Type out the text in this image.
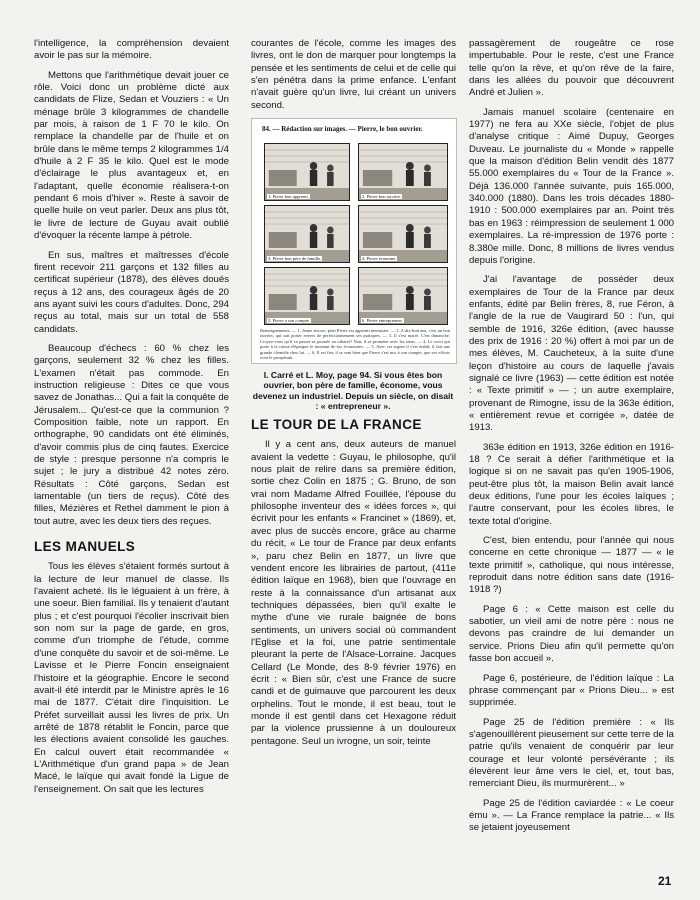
l'intelligence, la compréhension devaient avoir le pas sur la mémoire.

Mettons que l'arithmétique devait jouer ce rôle. Voici donc un problème dicté aux candidats de Flize, Sedan et Vouziers : « Un ménage brûle 3 kilogrammes de chandelle par mois, à raison de 1 F 70 le kilo. On remplace la chandelle par de l'huile et on brûle dans le même temps 2 kilogrammes 1/4 d'huile à 2 F 35 le kilo. Quel est le mode d'éclairage le plus avantageux et, en l'adaptant, quelle économie réalisera-t-on pendant 6 mois d'hiver ». Reste à savoir de quelle huile on veut parler. Deux ans plus tôt, le livre de lecture de Guyau avait oublié d'évoquer la récente lampe à pétrole.

En sus, maîtres et maîtresses d'école firent recevoir 211 garçons et 132 filles au certificat supérieur (1878), des élèves doués reçus à 12 ans, des courageux âgés de 20 ans ayant suivi les cours d'adultes. Donc, 294 reçus au total, mais sur un total de 558 candidats.

Beaucoup d'échecs : 60 % chez les garçons, seulement 32 % chez les filles. L'examen n'était pas commode. En instruction religieuse : Dites ce que vous savez de Jonathas... Qui a fait la conquête de Jérusalem... Qu'est-ce que la communion ? Composition faible, note un rapport. En orthographe, 90 candidats ont été éliminés, d'avoir commis plus de cinq fautes. Exercice de style : presque personne n'a compris le sujet ; le jury a distribué 42 notes zéro. Résultats : Côté garçons, Sedan est lamentable (un tiers de reçus). Côté des filles, Mézières et Rethel damment le pion à tout autre, avec les deux tiers des reçues.

LES MANUELS

Tous les élèves s'étaient formés surtout à la lecture de leur manuel de classe. Ils l'avaient acheté. Ils le léguaient à un frère, à une soeur. Bien familial. Ils y tenaient d'autant plus ; et c'est pourquoi l'écolier inscrivait bien son nom sur la page de garde, en gros, comme d'un triomphe de l'étude, comme d'une conquête du savoir et de soi-même. Le Lavisse et le Pierre Foncin enseignaient l'histoire et la géographie. Encore le second avait-il été interdit par le Ministre après le 16 mai de 1877. C'était dire l'inquisition. Le Préfet surveillait aussi les livres de prix. Un arrêté de 1878 rétablit le Foncin, parce que les élections avaient consolidé les gauches. En calcul ouvert était recommandée « L'Arithmétique d'un grand papa » de Jean Macé, le laïque qui avait fondé la Ligue de l'enseignement. On sait que les lectures

courantes de l'école, comme les images des livres, ont le don de marquer pour longtemps la pensée et les sentiments de celui et de celle qui s'en pénétra dans la prime enfance. L'enfant n'avait guère qu'un livre, lui créant un univers second.

84. — Rédaction sur images. — Pierre, le bon ouvrier.
1. Pierre bon apprenti.	2. Pierre bon ouvrier.
3. Pierre bon père de famille.	4. Pierre économe.
5. Pierre a son compte.	6. Pierre entrepreneur.
Renseignements. — 1. Jeune encore, petit Pierre est apprenti menuisier. — 2. A dix-huit ans, c'est un bon ouvrier, qui sait porter envers de perfectionnement ses pratiques. — 3. Il s'est marié. C'est dimanche. Croyez-vous qu'il va passer sa journée au cabaret? Non; il se promène avec les siens. — 4. Le voici qui porte à la caisse d'épargne le montant de ses économies. — 5. Avec cet argent il s'est établi; il fait une grande clientèle chez lui. — 6. Il est fier, il se sent bien que Pierre s'est mis à son compte, que ses efforts vont le prospérant.
I. Carré et L. Moy, page 94. Si vous êtes bon ouvrier, bon père de famille, économe, vous devenez un industriel. Depuis un siècle, on disait : « entrepreneur ».
LE TOUR DE LA FRANCE

Il y a cent ans, deux auteurs de manuel avaient la vedette : Guyau, le philosophe, qu'il nous plait de relire dans sa première édition, sortie chez Colin en 1875 ; G. Bruno, de son vrai nom Madame Alfred Fouillée, l'épouse du philosophe inventeur des « idées forces », qui écrivit pour les enfants « Francinet » (1869), et, avec plus de succès encore, grâce au charme du récit, « Le tour de France par deux enfants », paru chez Belin en 1877, un livre que vendent encore les librairies de partout, (411e édition laïque en 1968), bien que l'ouvrage en reste à la connaissance d'un artisanat aux techniques dépassées, bien qu'il exalte le mythe d'une vie rurale baignée de bons sentiments, un univers social où commandent l'Eglise et la foi, une patrie sentimentale pleurant la perte de l'Alsace-Lorraine. Jacques Cellard (Le Monde, des 8-9 février 1976) en écrit : « Bien sûr, c'est une France de sucre candi et de guimauve que parcourent les deux orphelins. Tout le monde, il est beau, tout le monde il est gentil dans cet Hexagone réduit par la violence prussienne à un douloureux pentagone. Seul un ivrogne, un soir, teinte

passagèrement de rougeâtre ce rose impertubable. Pour le reste, c'est une France telle qu'on la rêve, et qu'on rêve de la faire, dans les allées du pouvoir que découvrent André et Julien ».

Jamais manuel scolaire (centenaire en 1977) ne fera au XXe siècle, l'objet de plus d'analyse critique : Aimé Dupuy, Georges Duveau. Le journaliste du « Monde » rappelle que la maison d'édition Belin vendit dès 1877 55.000 exemplaires du « Tour de la France ». Déjà 136.000 l'année suivante, puis 165.000, 340.000 (1880). Dans les trois décades 1880-1910 : 500.000 exemplaires par an. Point très bas en 1963 : réimpression de seulement 1 000 exemplaires. La ré-impression de 1976 porte : 8.380e mille. Donc, 8 millions de livres vendus depuis l'origine.

J'ai l'avantage de posséder deux exemplaires de Tour de la France par deux enfants, édité par Belin frères, 8, rue Féron, à l'angle de la rue de Vaugirard 50 : l'un, qui semble de 1916, 326e édition, (avec hausse des prix de 1916 : 20 %) offert à moi par un de mes élèves, M. Caucheteux, à la suite d'une leçon d'histoire au cours de laquelle j'avais signalé ce livre (1963) — cette édition est notée : « Texte primitif » — ; un autre exemplaire, provenant de Rimogne, issu de la 363e édition, « entièrement revue et corrigée », datée de 1913.

363e édition en 1913, 326e édition en 1916-18 ? Ce serait à défier l'arithmétique et la logique si on ne savait pas qu'en 1905-1906, peut-être plus tôt, la maison Belin avait lancé deux éditions, l'une pour les écoles laïques ; l'autre conservant, pour les écoles libres, le texte total d'origine.

C'est, bien entendu, pour l'année qui nous concerne en cette chronique — 1877 — « le texte primitif », catholique, qui nous intéresse, reproduit dans notre édition sans date (1916-1918 ?)

Page 6 : « Cette maison est celle du sabotier, un vieil ami de notre père : nous ne devons pas craindre de lui demander un service. Prions Dieu afin qu'il permette qu'on fasse bon accueil ».

Page 6, postérieure, de l'édition laïque : La phrase commençant par « Prions Dieu... » est supprimée.

Page 25 de l'édition première : « Ils s'agenouillèrent pieusement sur cette terre de la patrie qu'ils venaient de conquérir par leur courage et leur volonté persévérante ; ils élevèrent leur âme vers le ciel, et, tout bas, remerciant Dieu, ils murmurèrent... »

Page 25 de l'édition caviardée : « Le coeur ému ». — La France remplace la patrie... « Ils se jetaient joyeusement

21
